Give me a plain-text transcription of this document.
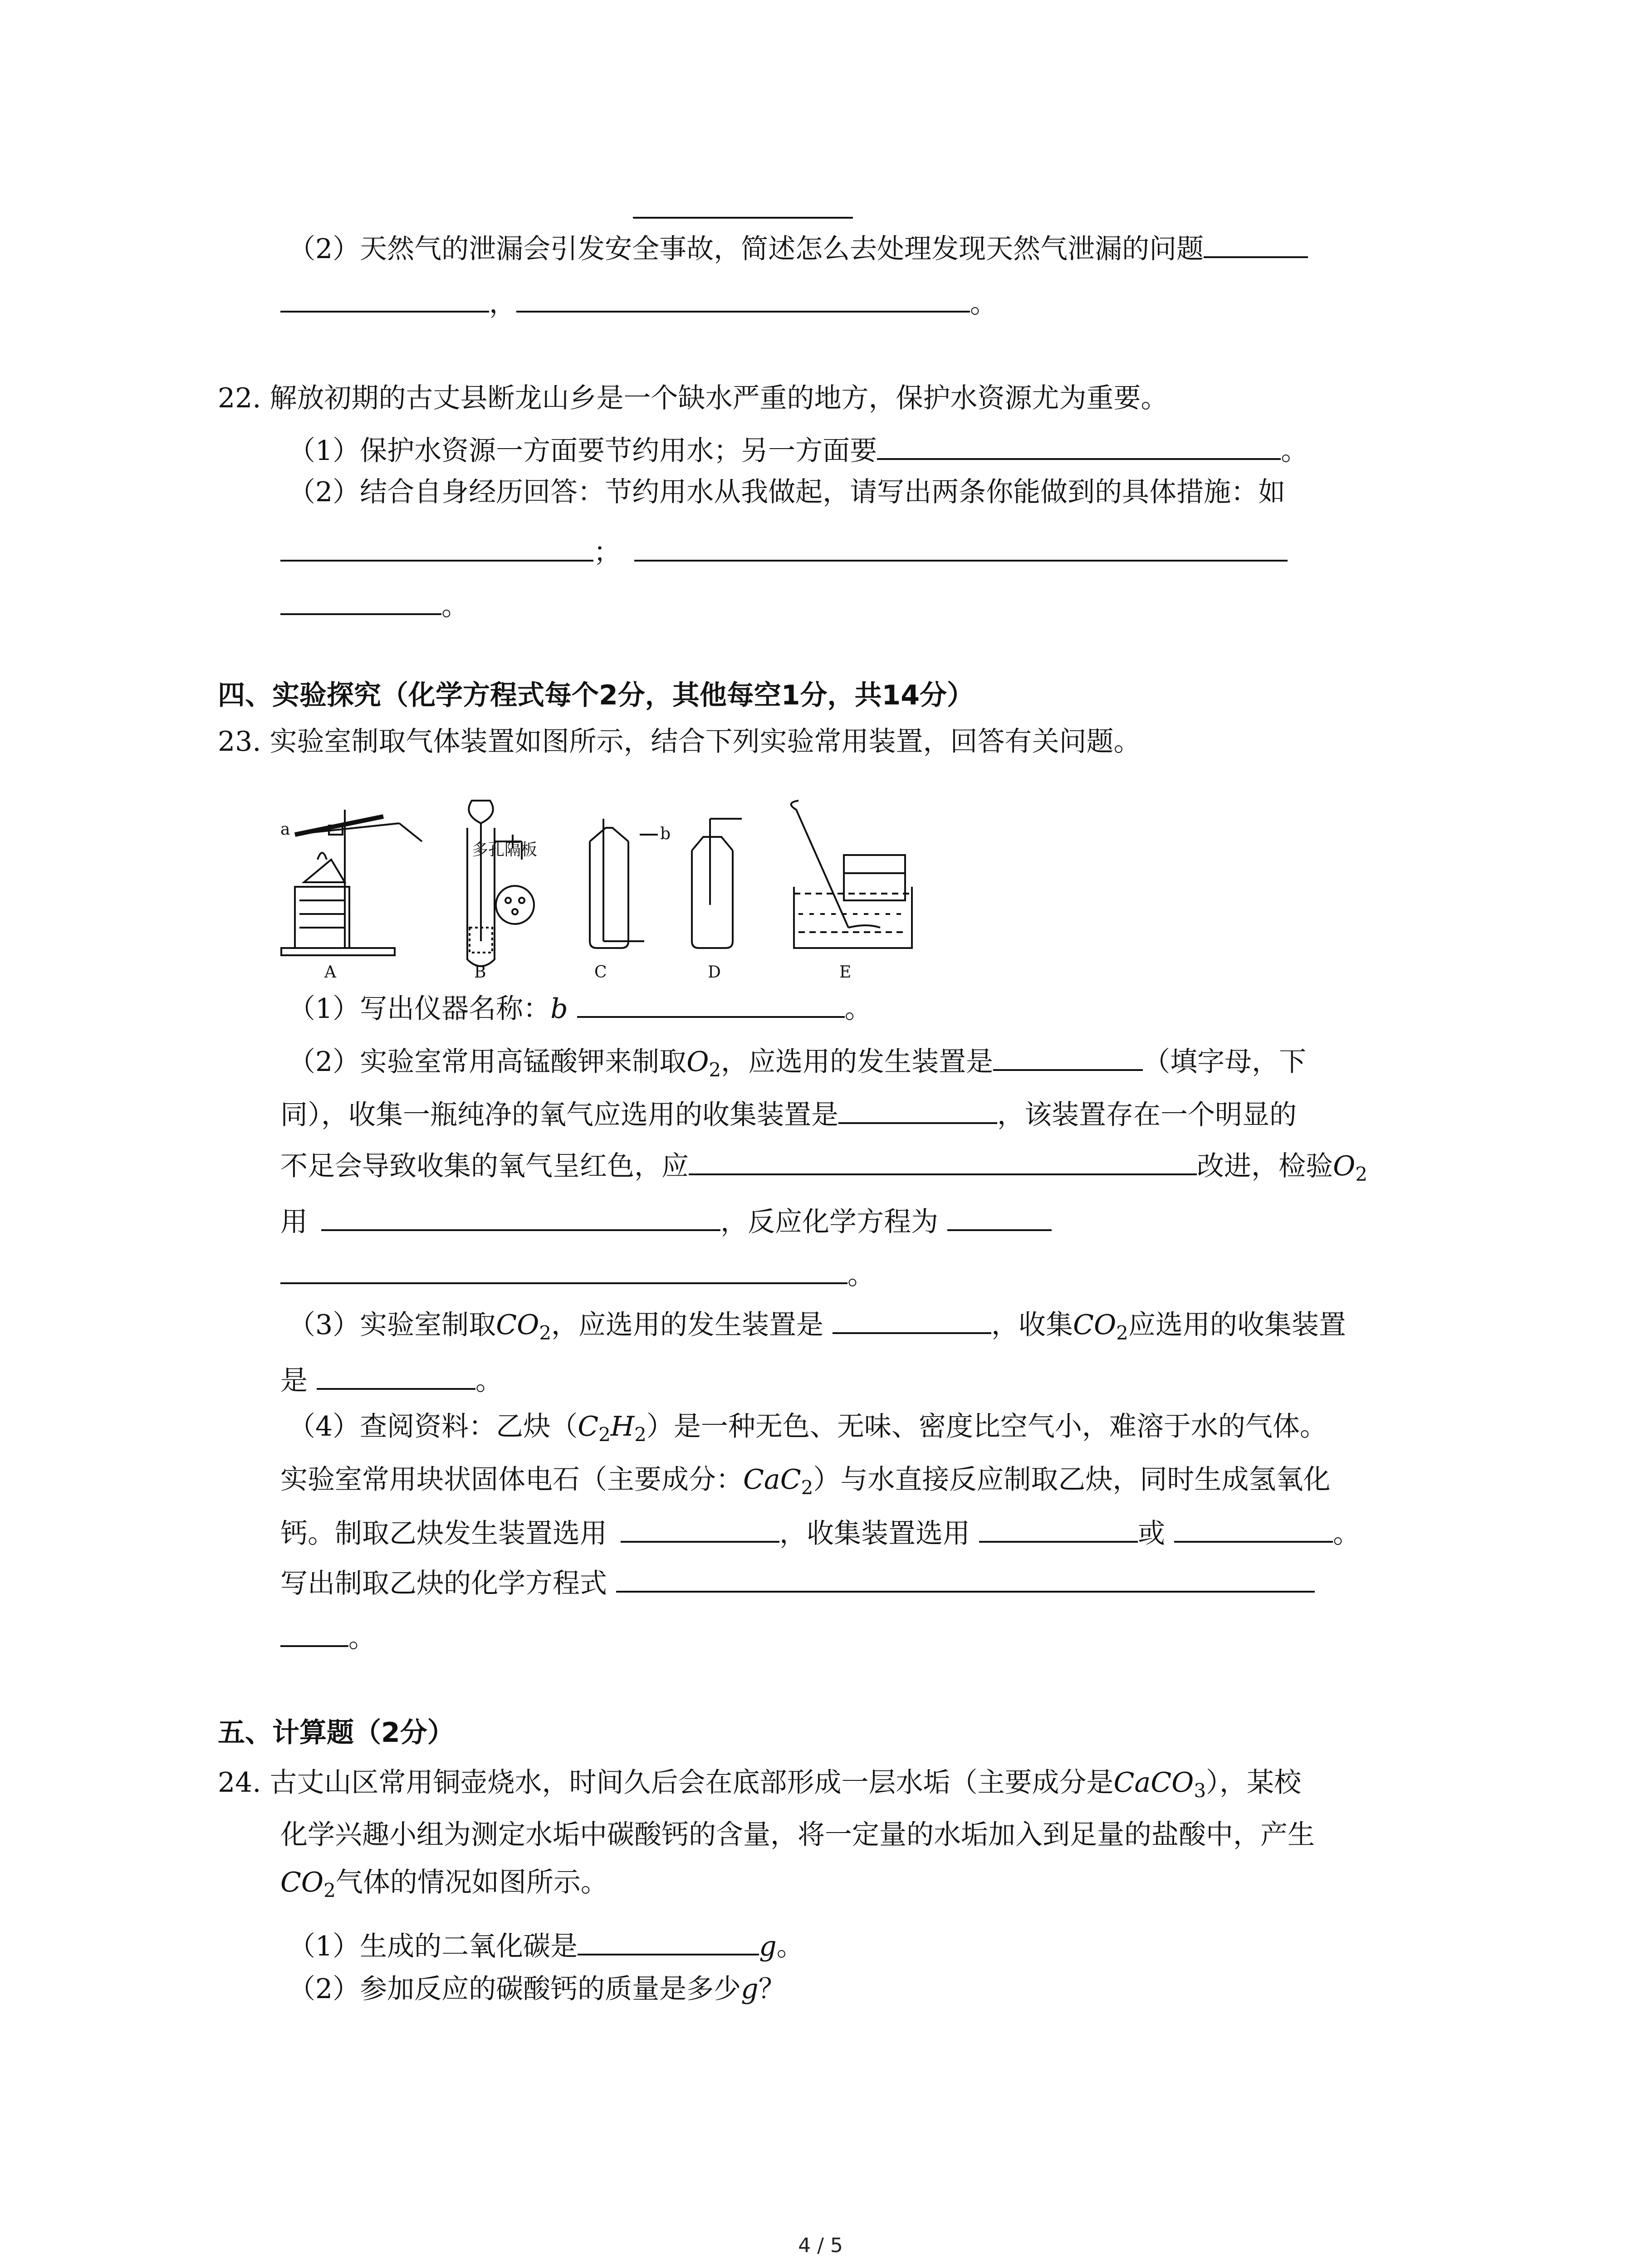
（2）天然气的泄漏会引发安全事故，简述怎么去处理发现天然气泄漏的问题
，	。
22. 解放初期的古丈县断龙山乡是一个缺水严重的地方，保护水资源尤为重要。
（1）保护水资源一方面要节约用水；另一方面要	。
（2）结合自身经历回答：节约用水从我做起，请写出两条你能做到的具体措施：如
；
。
四、实验探究（化学方程式每个2分，其他每空1分，共14分）
23. 实验室制取气体装置如图所示，结合下列实验常用装置，回答有关问题。
a	b
多孔隔板
A	B	C	D	E
（1）写出仪器名称：b	。
（2）实验室常用高锰酸钾来制取$O_2$，应选用的发生装置是	（填字母，下
同），收集一瓶纯净的氧气应选用的收集装置是	，该装置存在一个明显的
不足会导致收集的氧气呈红色，应	改进，检验$O_2$
用	，反应化学方程为
。
（3）实验室制取$CO_2$，应选用的发生装置是	，收集$CO_2$应选用的收集装置
是	。
（4）查阅资料：乙炔$(C_2H_2)$是一种无色、无味、密度比空气小，难溶于水的气体。
实验室常用块状固体电石（主要成分：CaC$_2$）与水直接反应制取乙炔，同时生成氢氧化
钙。制取乙炔发生装置选用	，收集装置选用	或	。
写出制取乙炔的化学方程式
。
五、计算题（2分）
24. 古丈山区常用铜壶烧水，时间久后会在底部形成一层水垢（主要成分是CaCO$_3$），某校
化学兴趣小组为测定水垢中碳酸钙的含量，将一定量的水垢加入到足量的盐酸中，产生
$CO_2$气体的情况如图所示。
（1）生成的二氧化碳是	g。
（2）参加反应的碳酸钙的质量是多少g？
4 / 5
